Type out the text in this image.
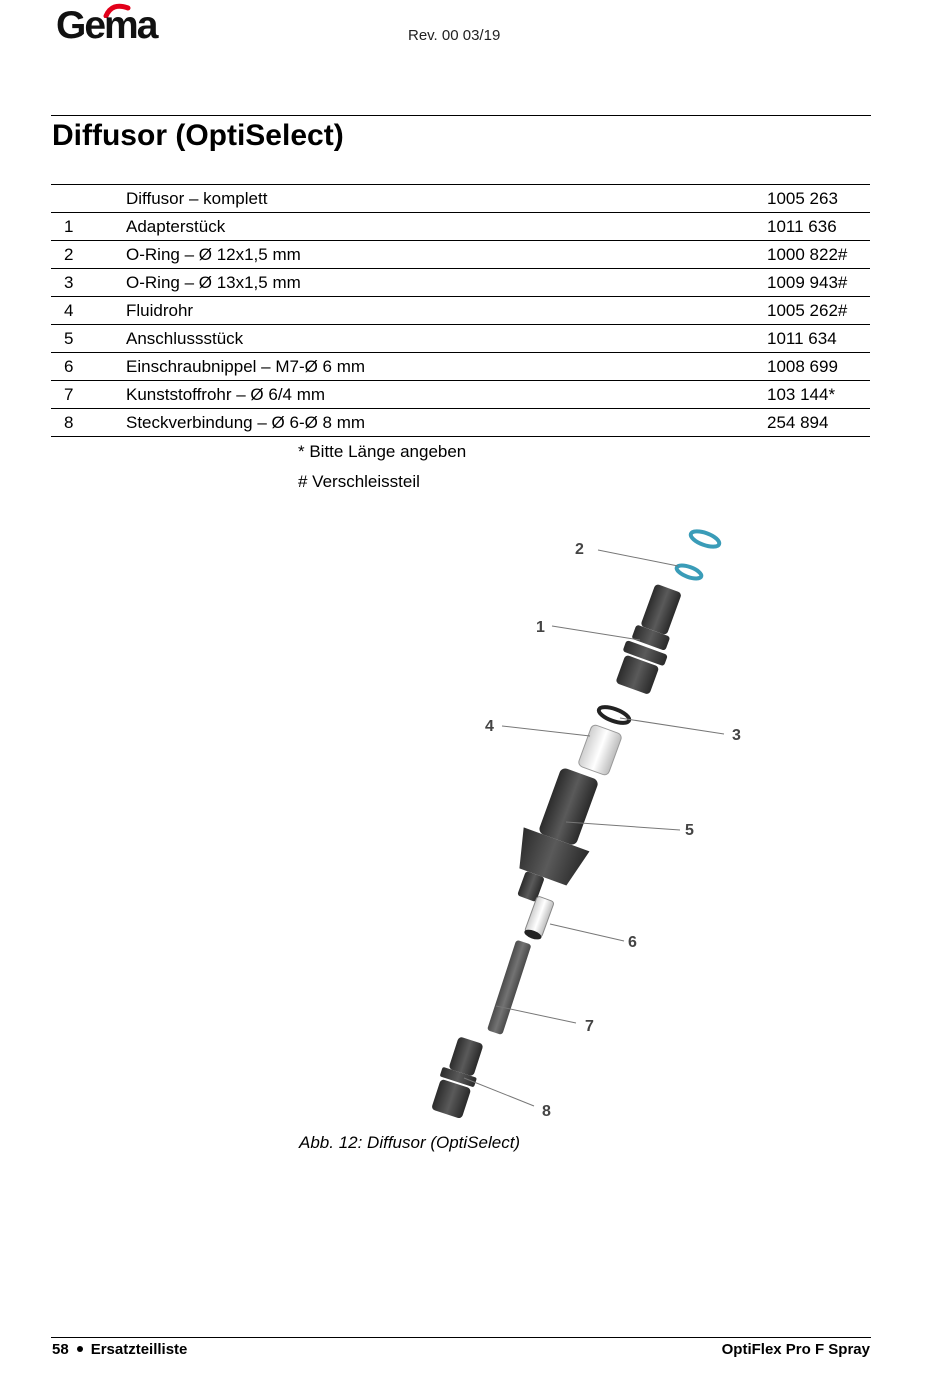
Gema	Rev. 00 03/19
Diffusor (OptiSelect)
	Diffusor – komplett	1005 263
1	Adapterstück	1011 636
2	O-Ring – Ø 12x1,5 mm	1000 822#
3	O-Ring – Ø 13x1,5 mm	1009 943#
4	Fluidrohr	1005 262#
5	Anschlussstück	1011 634
6	Einschraubnippel – M7-Ø 6 mm	1008 699
7	Kunststoffrohr – Ø 6/4 mm	103 144*
8	Steckverbindung – Ø 6-Ø 8 mm	254 894
* Bitte Länge angeben
# Verschleissteil
2
1
4
3
5
6
7
8
Abb. 12: Diffusor (OptiSelect)
58 Ersatzteilliste	OptiFlex Pro F Spray
